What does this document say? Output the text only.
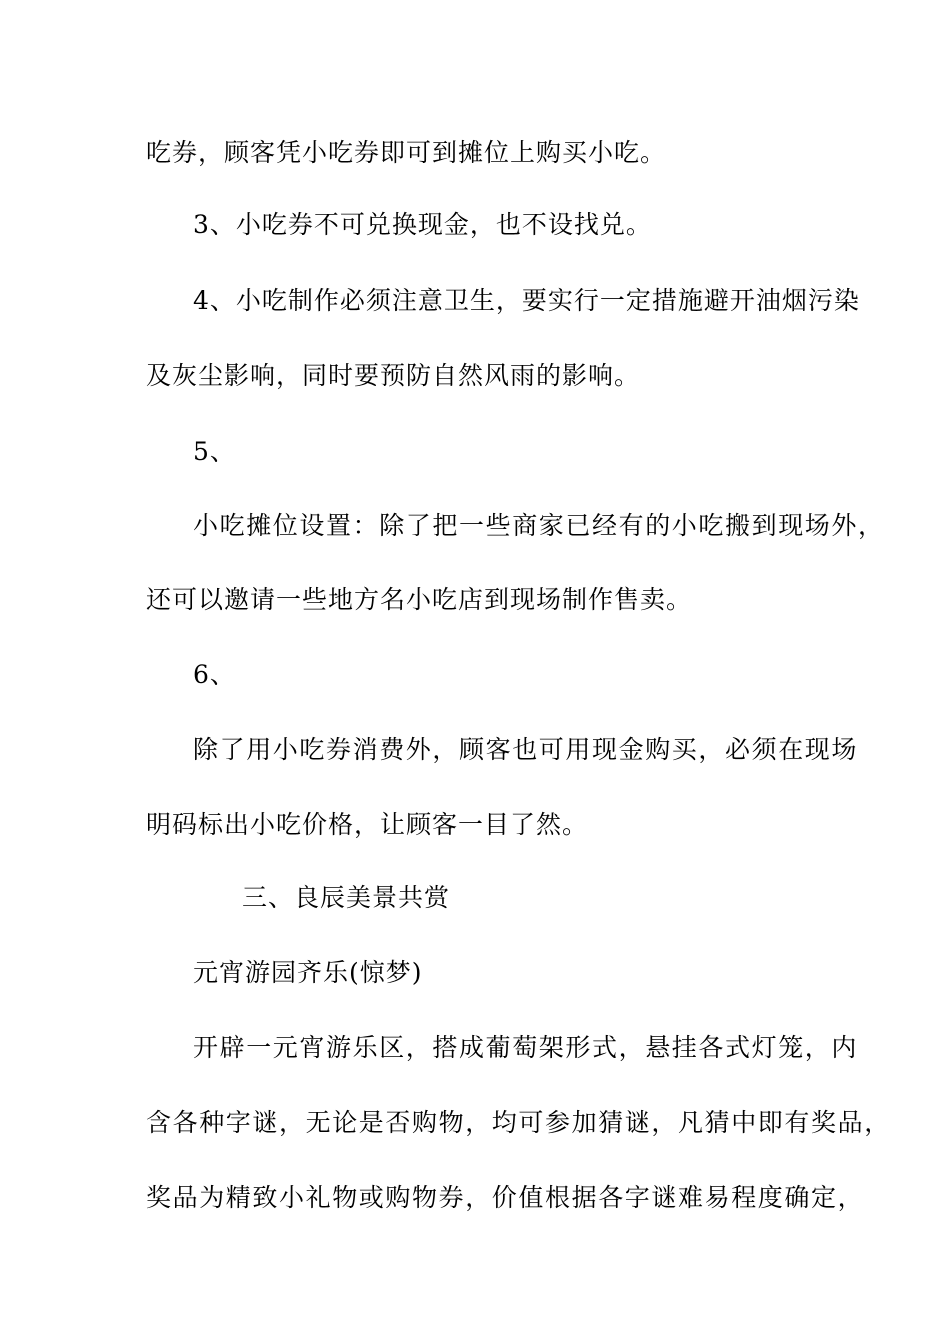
吃券，顾客凭小吃券即可到摊位上购买小吃。
3、小吃券不可兑换现金，也不设找兑。
4、小吃制作必须注意卫生，要实行一定措施避开油烟污染
及灰尘影响，同时要预防自然风雨的影响。
5、
小吃摊位设置：除了把一些商家已经有的小吃搬到现场外，
还可以邀请一些地方名小吃店到现场制作售卖。
6、
除了用小吃券消费外，顾客也可用现金购买，必须在现场
明码标出小吃价格，让顾客一目了然。
三、良辰美景共赏
元宵游园齐乐(惊梦)
开辟一元宵游乐区，搭成葡萄架形式，悬挂各式灯笼，内
含各种字谜，无论是否购物，均可参加猜谜，凡猜中即有奖品，
奖品为精致小礼物或购物券，价值根据各字谜难易程度确定，
